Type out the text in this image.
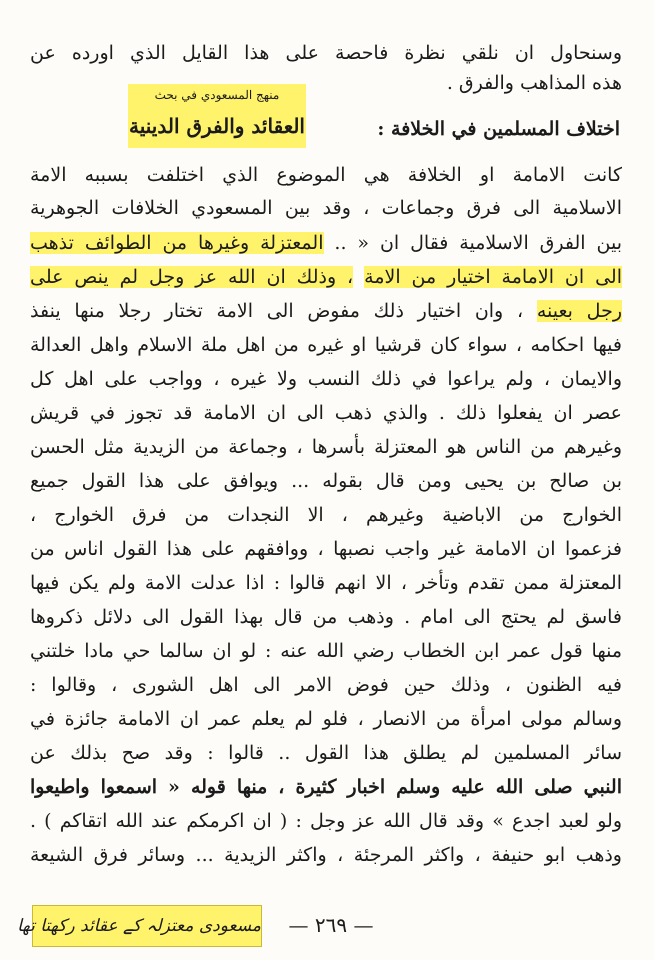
وسنحاول ان نلقي نظرة فاحصة على هذا القايل الذي اورده عن
هذه المذاهب والفرق .
منهج المسعودي في بحث
العقائد والفرق الدينية	اختلاف المسلمين في الخلافة :
كانت الامامة او الخلافة هي الموضوع الذي اختلفت بسببه الامة
الاسلامية الى فرق وجماعات ، وقد بين المسعودي الخلافات الجوهرية
بين الفرق الاسلامية فقال ان « .. المعتزلة وغيرها من الطوائف تذهب
الى ان الامامة اختيار من الامة ، وذلك ان الله عز وجل لم ينص على
رجل بعينه ، وان اختيار ذلك مفوض الى الامة تختار رجلا منها ينفذ
فيها احكامه ، سواء كان قرشيا او غيره من اهل ملة الاسلام واهل العدالة
والايمان ، ولم يراعوا في ذلك النسب ولا غيره ، وواجب على اهل كل
عصر ان يفعلوا ذلك . والذي ذهب الى ان الامامة قد تجوز في قريش
وغيرهم من الناس هو المعتزلة بأسرها ، وجماعة من الزيدية مثل الحسن
بن صالح بن يحيى ومن قال بقوله ... ويوافق على هذا القول جميع
الخوارج من الاباضية وغيرهم ، الا النجدات من فرق الخوارج ،
فزعموا ان الامامة غير واجب نصبها ، ووافقهم على هذا القول اناس من
المعتزلة ممن تقدم وتأخر ، الا انهم قالوا : اذا عدلت الامة ولم يكن فيها
فاسق لم يحتج الى امام . وذهب من قال بهذا القول الى دلائل ذكروها
منها قول عمر ابن الخطاب رضي الله عنه : لو ان سالما حي مادا خلتني
فيه الظنون ، وذلك حين فوض الامر الى اهل الشورى ، وقالوا :
وسالم مولى امرأة من الانصار ، فلو لم يعلم عمر ان الامامة جائزة في
سائر المسلمين لم يطلق هذا القول .. قالوا : وقد صح بذلك عن
النبي صلى الله عليه وسلم اخبار كثيرة ، منها قوله « اسمعوا واطيعوا
ولو لعبد اجدع » وقد قال الله عز وجل : ( ان اكرمكم عند الله اتقاكم ) .
وذهب ابو حنيفة ، واكثر المرجئة ، واكثر الزيدية ... وسائر فرق الشيعة
— ٢٦٩ —
مسعودی معتزلہ کے عقائد رکھتا تھا
